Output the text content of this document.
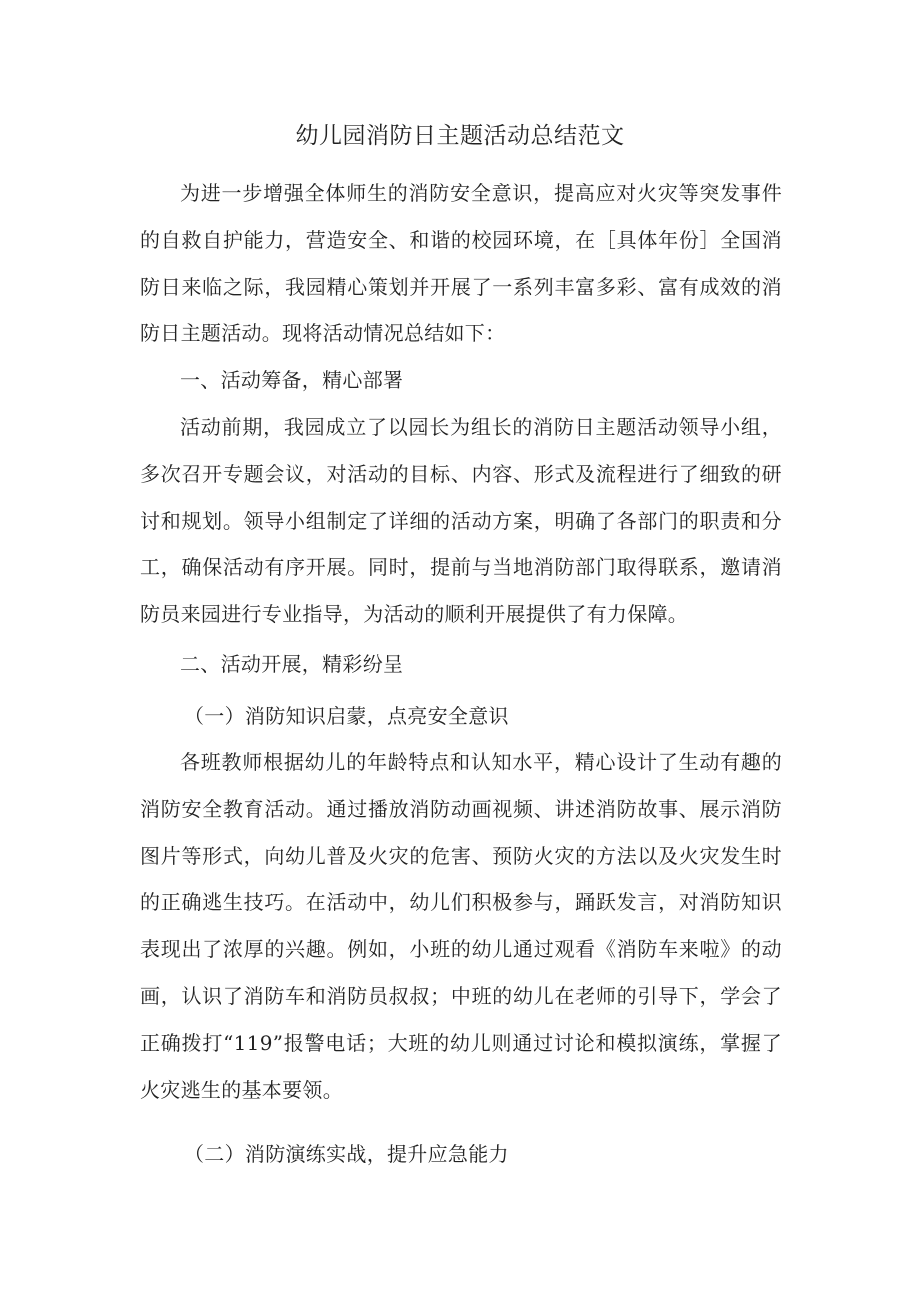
幼儿园消防日主题活动总结范文

为进一步增强全体师生的消防安全意识，提高应对火灾等突发事件的自救自护能力，营造安全、和谐的校园环境，在［具体年份］全国消防日来临之际，我园精心策划并开展了一系列丰富多彩、富有成效的消防日主题活动。现将活动情况总结如下：

一、活动筹备，精心部署

活动前期，我园成立了以园长为组长的消防日主题活动领导小组，多次召开专题会议，对活动的目标、内容、形式及流程进行了细致的研讨和规划。领导小组制定了详细的活动方案，明确了各部门的职责和分工，确保活动有序开展。同时，提前与当地消防部门取得联系，邀请消防员来园进行专业指导，为活动的顺利开展提供了有力保障。

二、活动开展，精彩纷呈
（一）消防知识启蒙，点亮安全意识

各班教师根据幼儿的年龄特点和认知水平，精心设计了生动有趣的消防安全教育活动。通过播放消防动画视频、讲述消防故事、展示消防图片等形式，向幼儿普及火灾的危害、预防火灾的方法以及火灾发生时的正确逃生技巧。在活动中，幼儿们积极参与，踊跃发言，对消防知识表现出了浓厚的兴趣。例如，小班的幼儿通过观看《消防车来啦》的动画，认识了消防车和消防员叔叔；中班的幼儿在老师的引导下，学会了正确拨打“119”报警电话；大班的幼儿则通过讨论和模拟演练，掌握了火灾逃生的基本要领。

（二）消防演练实战，提升应急能力
